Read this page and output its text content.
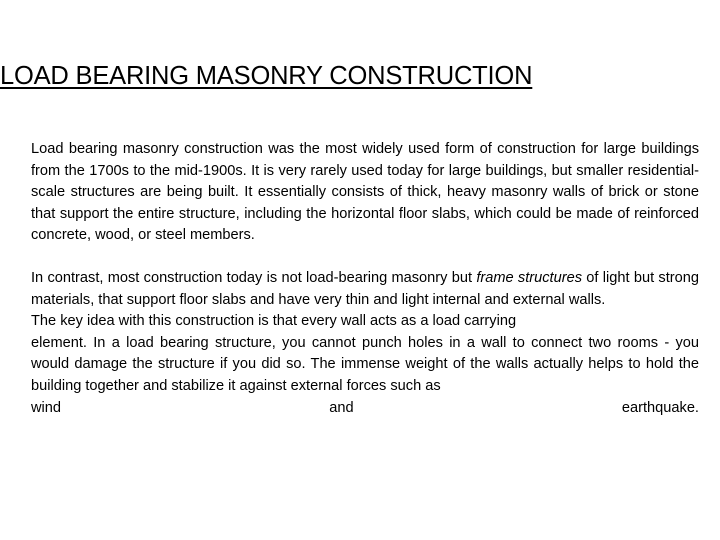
LOAD BEARING MASONRY CONSTRUCTION

Load bearing masonry construction was the most widely used form of construction for large buildings from the 1700s to the mid-1900s. It is very rarely used today for large buildings, but smaller residential-scale structures are being built. It essentially consists of thick, heavy masonry walls of brick or stone that support the entire structure, including the horizontal floor slabs, which could be made of reinforced concrete, wood, or steel members.

In contrast, most construction today is not load-bearing masonry but frame structures of light but strong materials, that support floor slabs and have very thin and light internal and external walls.

The key idea with this construction is that every wall acts as a load carrying

element. In a load bearing structure, you cannot punch holes in a wall to connect two rooms - you would damage the structure if you did so. The immense weight of the walls actually helps to hold the building together and stabilize it against external forces such as

wind	and	earthquake.
